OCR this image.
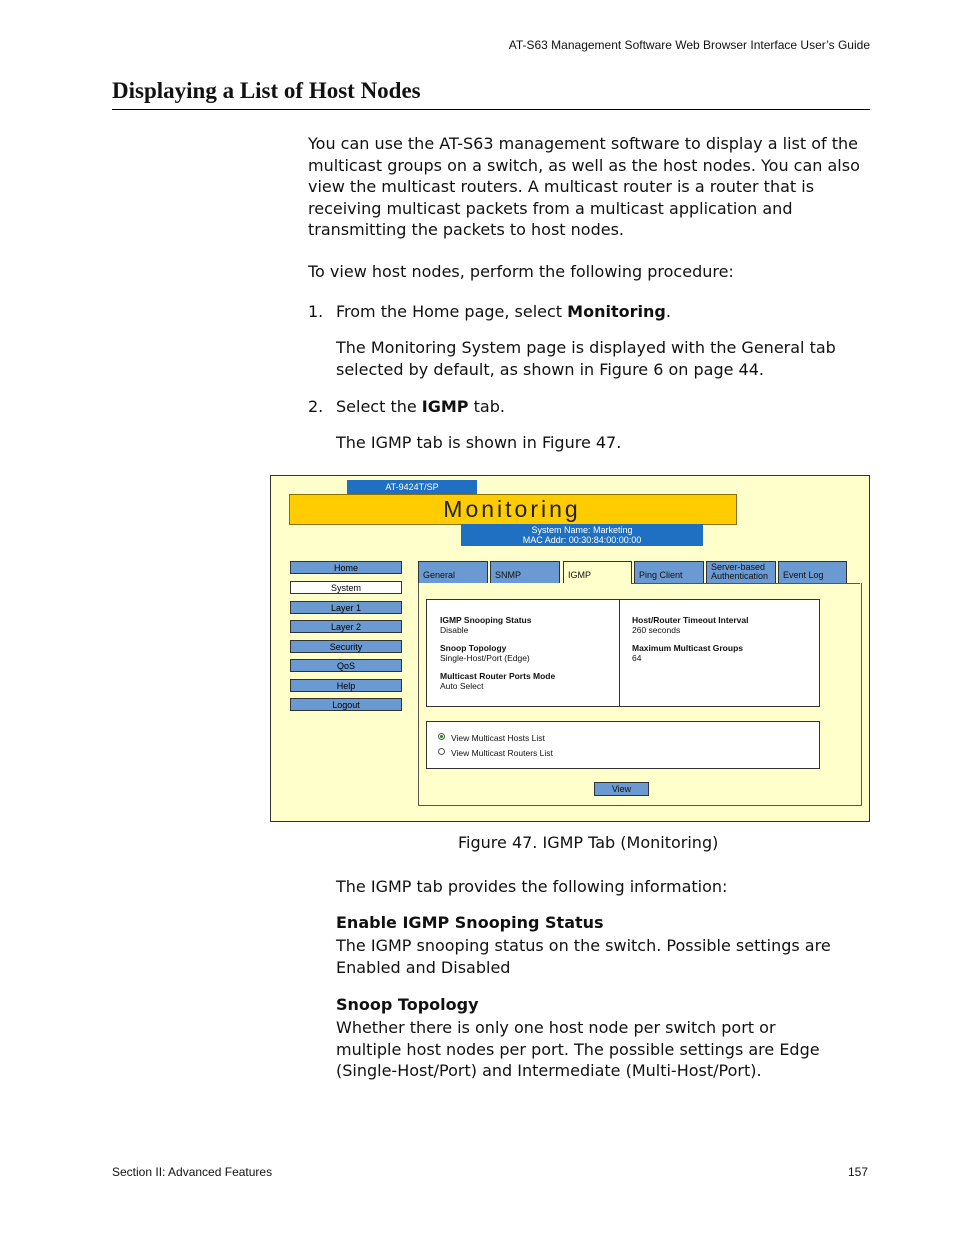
AT-S63 Management Software Web Browser Interface User’s Guide
Displaying a List of Host Nodes
You can use the AT-S63 management software to display a list of the multicast groups on a switch, as well as the host nodes. You can also view the multicast routers. A multicast router is a router that is receiving multicast packets from a multicast application and transmitting the packets to host nodes.
To view host nodes, perform the following procedure:
1. From the Home page, select Monitoring.
The Monitoring System page is displayed with the General tab selected by default, as shown in Figure 6 on page 44.
2. Select the IGMP tab.
The IGMP tab is shown in Figure 47.
AT-9424T/SP
Monitoring
System Name: Marketing
MAC Addr: 00:30:84:00:00:00
Home
System
Layer 1
Layer 2
Security
QoS
Help
Logout
General	SNMP	IGMP	Ping Client
Server-based
Authentication	Event Log
IGMP Snooping Status
Disable
Snoop Topology
Single-Host/Port (Edge)
Multicast Router Ports Mode
Auto Select
Host/Router Timeout Interval
260 seconds
Maximum Multicast Groups
64
View Multicast Hosts List
View Multicast Routers List
View
Figure 47. IGMP Tab (Monitoring)
The IGMP tab provides the following information:
Enable IGMP Snooping Status
The IGMP snooping status on the switch. Possible settings are Enabled and Disabled
Snoop Topology
Whether there is only one host node per switch port or multiple host nodes per port. The possible settings are Edge (Single-Host/Port) and Intermediate (Multi-Host/Port).
Section II: Advanced Features	157
